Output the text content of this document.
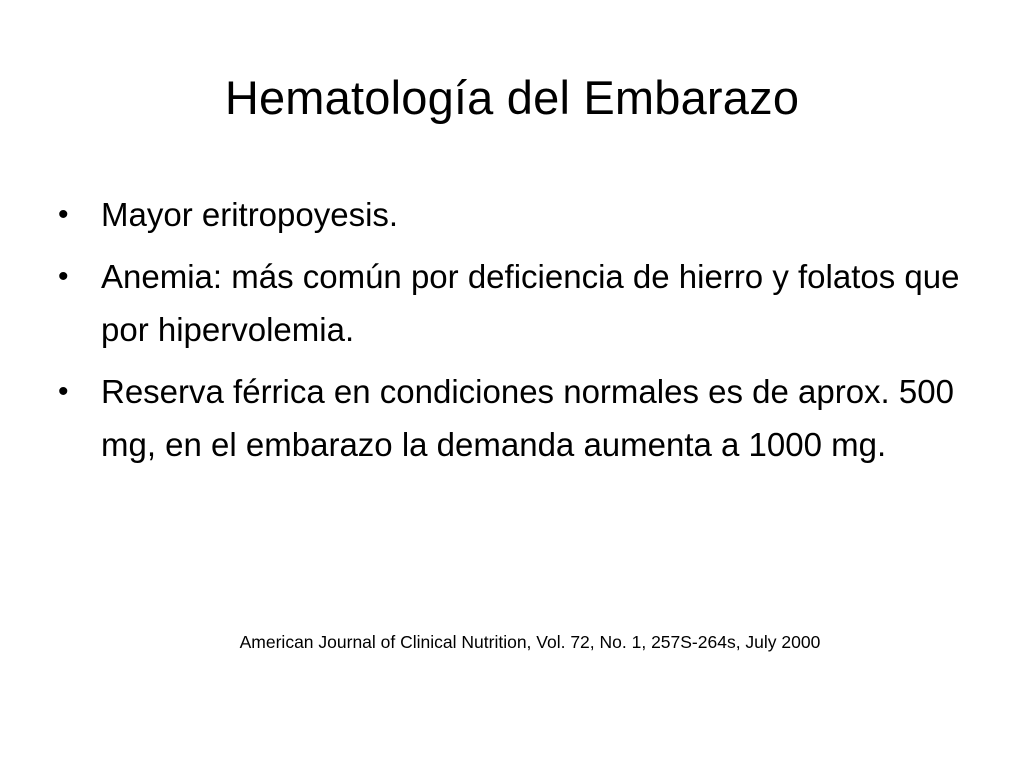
Hematología del Embarazo
• Mayor eritropoyesis.
• Anemia: más común por deficiencia de hierro y folatos que por hipervolemia.
• Reserva férrica en condiciones normales es de aprox. 500 mg, en el embarazo la demanda aumenta a 1000 mg.
American Journal of Clinical Nutrition, Vol. 72, No. 1, 257S-264s, July 2000
